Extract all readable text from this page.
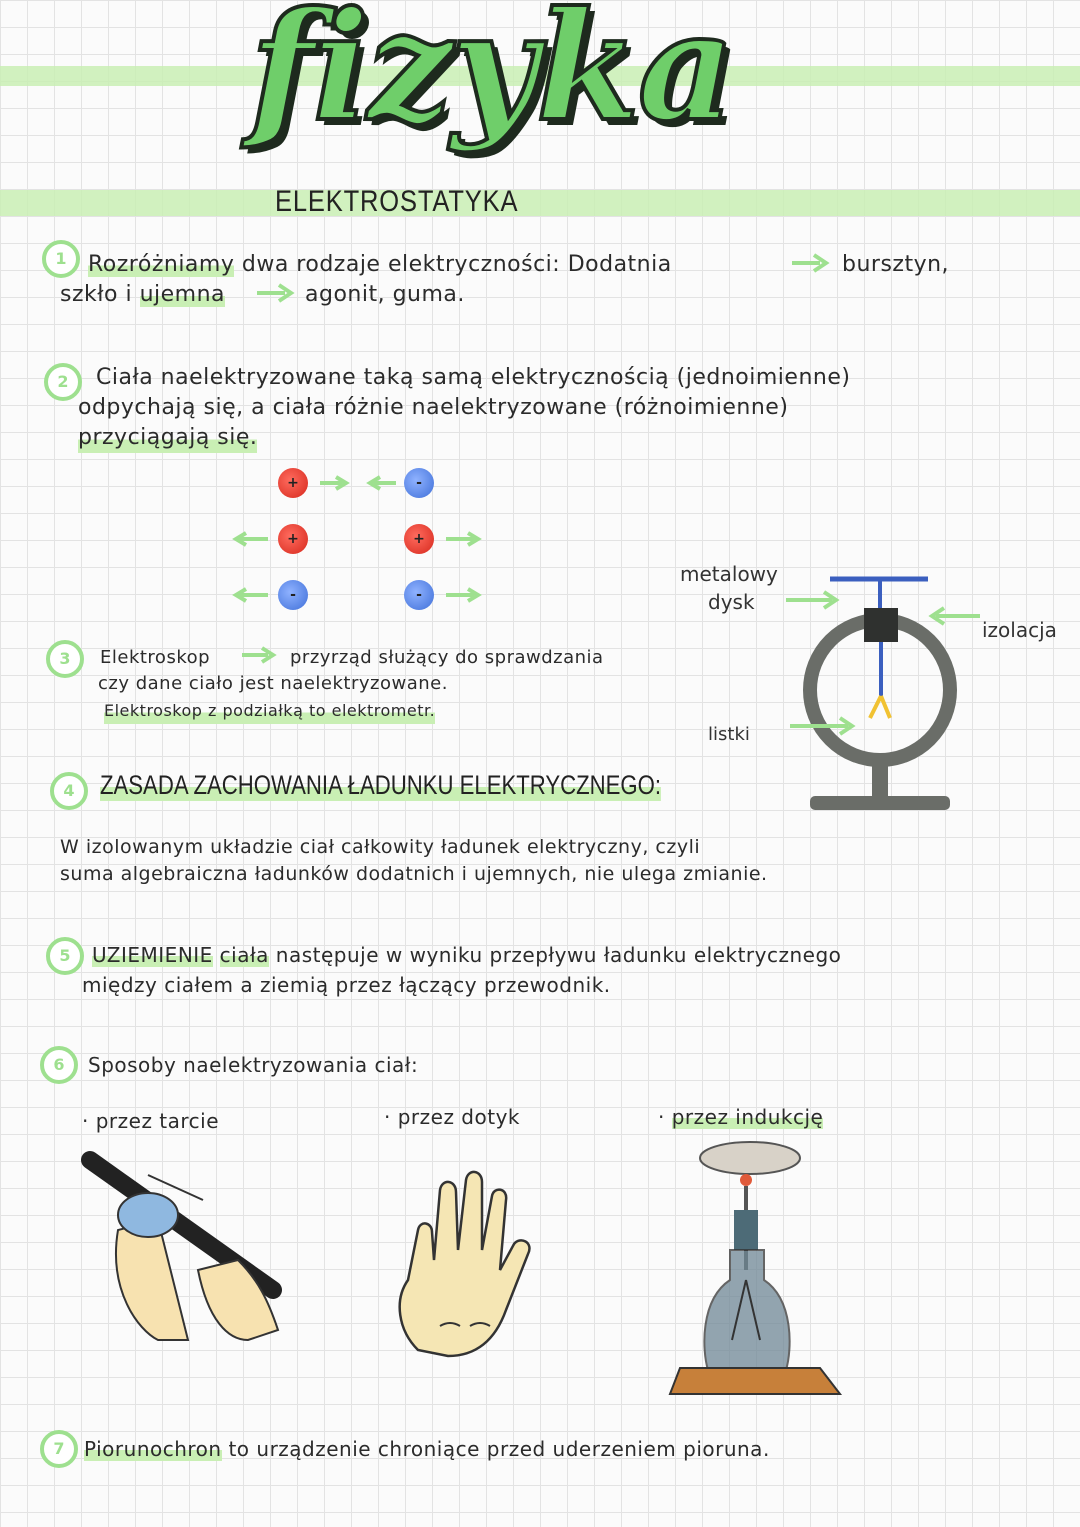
fizyka
ELEKTROSTATYKA
1 Rozróżniamy dwa rodzaje elektryczności: Dodatnia	bursztyn,
szkło i ujemna	agonit, guma.
2	Ciała naelektryzowane taką samą elektrycznością (jednoimienne)
odpychają się, a ciała różnie naelektryzowane (różnoimienne)
przyciągają się.
+	-
+	+
-	-
3	Elektroskop	przyrząd służący do sprawdzania
czy dane ciało jest naelektryzowane.
Elektroskop z podziałką to elektrometr.
metalowy
dysk
izolacja
listki
4 ZASADA ZACHOWANIA ŁADUNKU ELEKTRYCZNEGO:
W izolowanym układzie ciał całkowity ładunek elektryczny, czyli
suma algebraiczna ładunków dodatnich i ujemnych, nie ulega zmianie.
5	UZIEMIENIE ciała następuje w wyniku przepływu ładunku elektrycznego
między ciałem a ziemią przez łączący przewodnik.
6	Sposoby naelektryzowania ciał:
· przez tarcie	· przez dotyk	· przez indukcję
7 Piorunochron to urządzenie chroniące przed uderzeniem pioruna.
